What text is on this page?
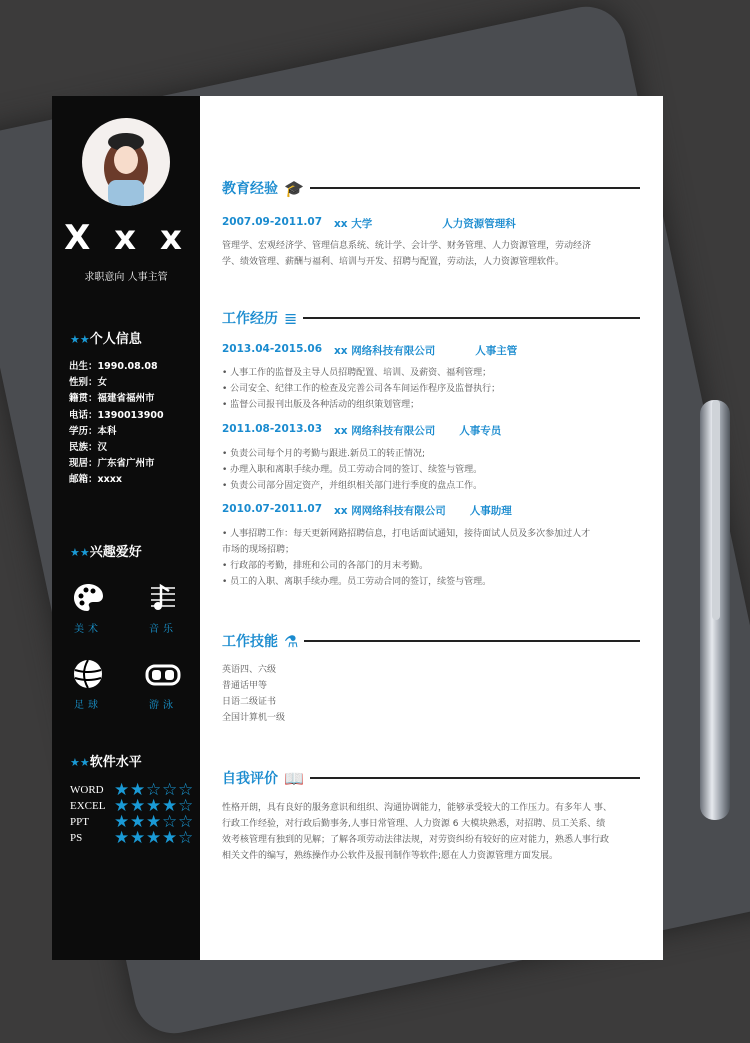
X x x
求职意向 人事主管
★★个人信息
出生：1990.08.08
性别：女
籍贯：福建省福州市
电话：1390013900
学历：本科
民族：汉
现居：广东省广州市
邮箱：xxxx
★★兴趣爱好
美术	音乐
足球	游泳
★★软件水平
WORD ★ ★ ☆ ☆ ☆
EXCEL ★ ★ ★ ★ ☆
PPT	★ ★ ★ ☆ ☆
PS	★ ★ ★ ★ ☆
教育经验 🎓
2007.09-2011.07	xx 大学	人力资源管理科
管理学、宏观经济学、管理信息系统、统计学、会计学、财务管理、人力资源管理，劳动经济学、绩效管理、薪酬与福利、培训与开发、招聘与配置，劳动法，人力资源管理软件。
工作经历 ≣
2013.04-2015.06	xx 网络科技有限公司	人事主管
• 人事工作的监督及主导人员招聘配置、培训、及薪资、福利管理；
• 公司安全、纪律工作的检查及完善公司各车间运作程序及监督执行；
• 监督公司报刊出版及各种活动的组织策划管理；
2011.08-2013.03	xx 网络科技有限公司 人事专员
• 负责公司每个月的考勤与跟进.新员工的转正情况;
• 办理入职和离职手续办理。员工劳动合同的签订、续签与管理。
• 负责公司部分固定资产，并组织相关部门进行季度的盘点工作。
2010.07-2011.07	xx 网网络科技有限公司 人事助理
• 人事招聘工作：每天更新网路招聘信息，打电话面试通知，接待面试人员及多次参加过人才市场的现场招聘；
• 行政部的考勤，排班和公司的各部门的月末考勤。
• 员工的入职、离职手续办理。员工劳动合同的签订，续签与管理。
工作技能 ⚗
英语四、六级
普通话甲等
日语二级证书
全国计算机一级
自我评价 📖
性格开朗，具有良好的服务意识和组织、沟通协调能力，能够承受较大的工作压力。有多年人 事、行政工作经验，对行政后勤事务,人事日常管理、人力资源 6 大模块熟悉，对招聘、员工关系、绩效考核管理有独到的见解；了解各项劳动法律法规，对劳资纠纷有较好的应对能力，熟悉人事行政相关文件的编写，熟练操作办公软件及报刊制作等软件;愿在人力资源管理方面发展。
